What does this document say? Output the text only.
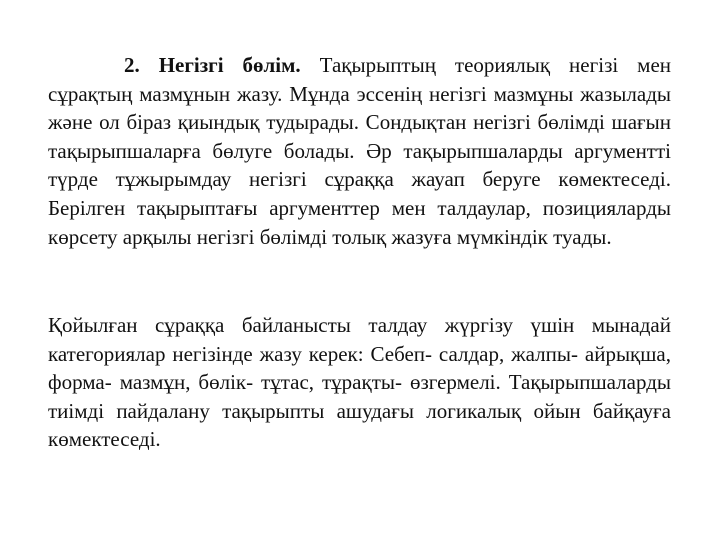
2. Негізгі бөлім. Тақырыптың теориялық негізі мен сұрақтың мазмұнын жазу. Мұнда эссенің негізгі мазмұны жазылады және ол біраз қиындық тудырады. Сондықтан негізгі бөлімді шағын тақырыпшаларға бөлуге болады. Әр тақырыпшаларды аргументті түрде тұжырымдау негізгі сұраққа жауап беруге көмектеседі. Берілген тақырыптағы аргументтер мен талдаулар, позицияларды көрсету арқылы негізгі бөлімді толық жазуға мүмкіндік туады.

Қойылған сұраққа байланысты талдау жүргізу үшін мынадай категориялар негізінде жазу керек: Себеп- салдар, жалпы- айрықша, форма- мазмұн, бөлік- тұтас, тұрақты- өзгермелі. Тақырыпшаларды тиімді пайдалану тақырыпты ашудағы логикалық ойын байқауға көмектеседі.
